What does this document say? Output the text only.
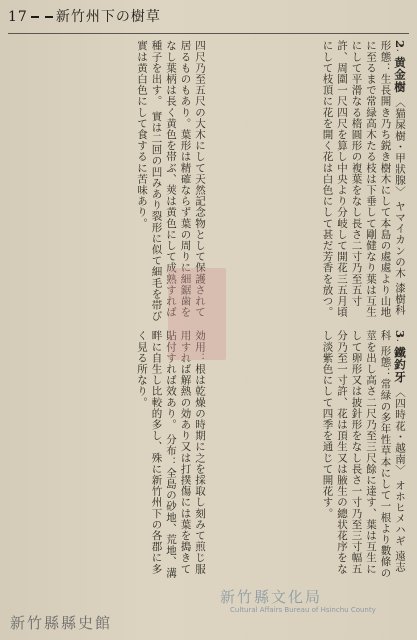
17 新竹州下の樹草
2. 黄金樹 〈猫屎樹・甲狀腺〉 ヤマイカンの木 漆樹科 形態：生長開き乃ち鋭き樹木にして本島の處處より山地に至るまで常緑高木たる枝は下垂して剛健なり葉は互生にして平滑なる楕圓形の複葉をなし長さ二寸乃至五寸許、周圍一尺四尺を算し中央より分岐して開花三五月頃にして枝頂に花を開く花は白色にして甚だ芳香を放つ。
四尺乃至五尺の大木にして天然記念物として保護されて居るものもあり。葉形は精確ならず葉の周りに細鋸歯をなし葉柄は長く黄色を帯ぶ、莢は黄色にして成熟すれば種子を出す。 實は二回の凹みあり裂形に似て細毛を帯び實は黄白色にして食するに苦味あり。
3. 鐵釣牙 〈四時花・越南〉 オホヒメハギ 遠志科 形態：常緑の多年性草本にして一根より數條の莖を出し高さ二尺乃至三尺餘に達す、葉は互生にして卵形又は披針形をなし長さ一寸乃至三寸幅五分乃至一寸許、花は頂生又は腋生の總状花序をなし淡紫色にして四季を通じて開花す。
効用：根は乾燥の時期に之を採取し刻みて煎じ服用すれば解熱の効あり又は打撲傷には葉を搗きて貼付すれば效あり。 分布：全島の砂地、荒地、溝畔に自生し比較的多し、殊に新竹州下の各郡に多く見る所なり。
新竹縣文化局
Cultural Affairs Bureau of Hsinchu County
新竹縣縣史館
